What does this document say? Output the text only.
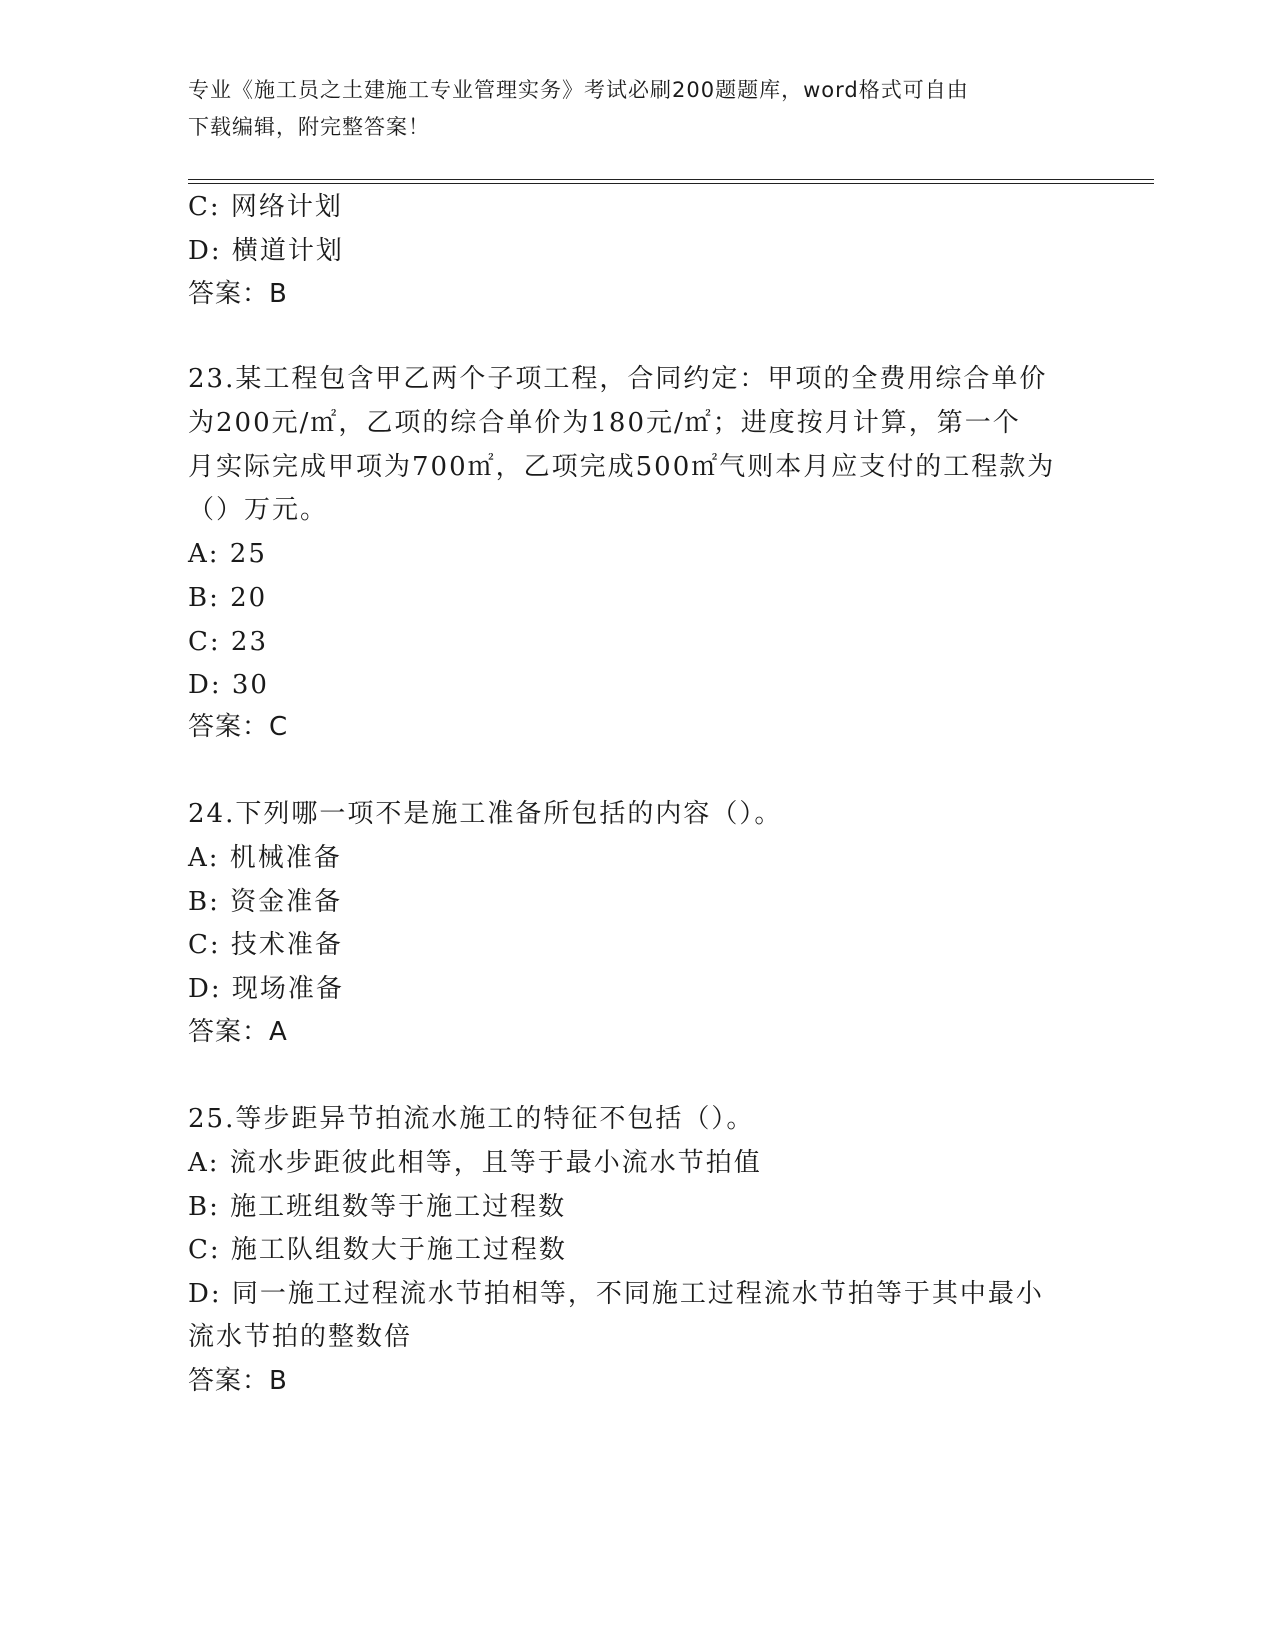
专业《施工员之土建施工专业管理实务》考试必刷200题题库，word格式可自由
下载编辑，附完整答案！
C: 网络计划
D: 横道计划
答案：B
23.某工程包含甲乙两个子项工程，合同约定：甲项的全费用综合单价
为200元/㎡，乙项的综合单价为180元/㎡；进度按月计算，第一个
月实际完成甲项为700㎡，乙项完成500㎡气则本月应支付的工程款为
（）万元。
A: 25
B: 20
C: 23
D: 30
答案：C
24.下列哪一项不是施工准备所包括的内容（）。
A: 机械准备
B: 资金准备
C: 技术准备
D: 现场准备
答案：A
25.等步距异节拍流水施工的特征不包括（）。
A: 流水步距彼此相等，且等于最小流水节拍值
B: 施工班组数等于施工过程数
C: 施工队组数大于施工过程数
D: 同一施工过程流水节拍相等，不同施工过程流水节拍等于其中最小
流水节拍的整数倍
答案：B
